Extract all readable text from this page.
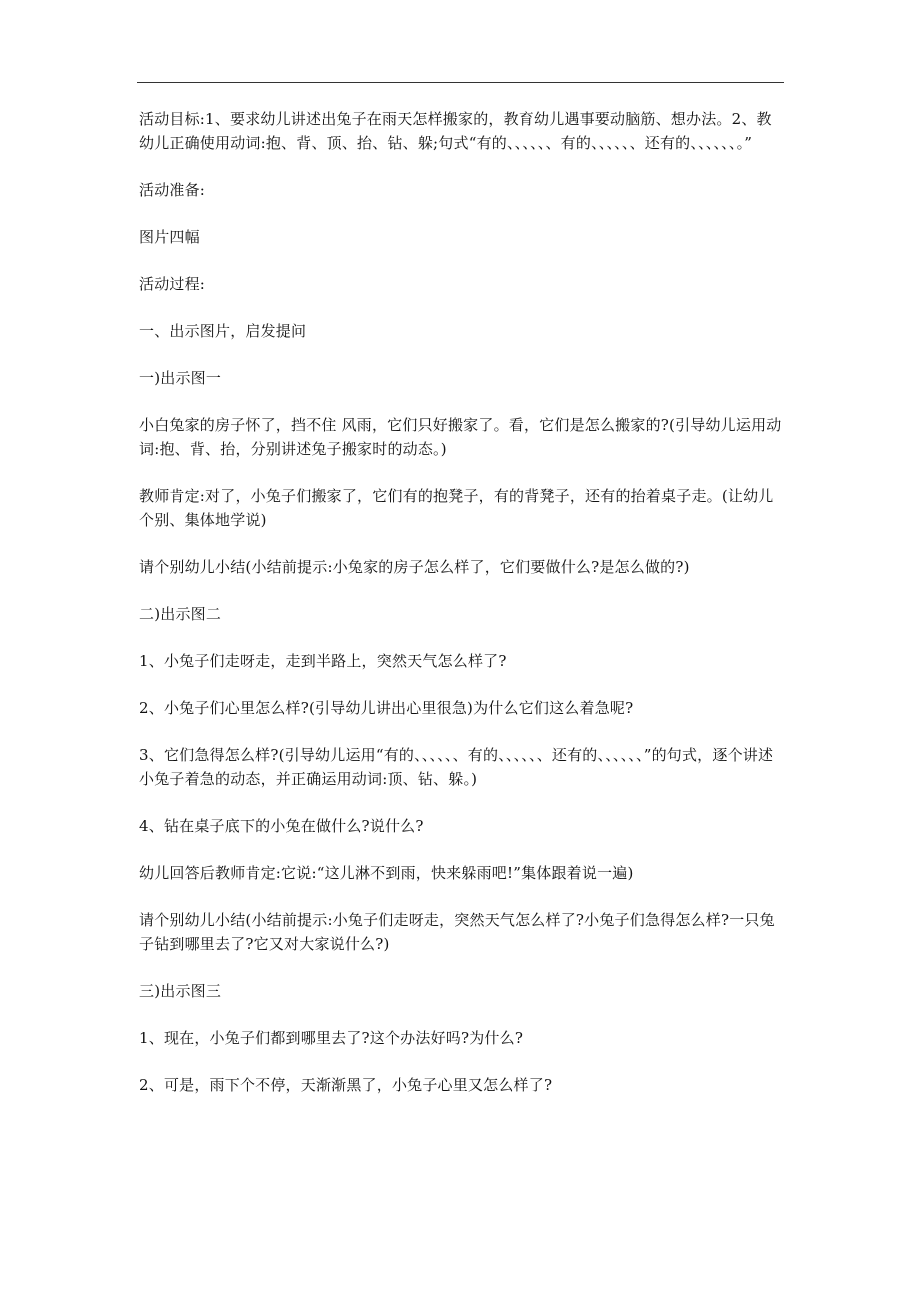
活动目标:1、要求幼儿讲述出兔子在雨天怎样搬家的，教育幼儿遇事要动脑筋、想办法。2、教幼儿正确使用动词:抱、背、顶、抬、钻、躲;句式“有的、、、、、、有的、、、、、、还有的、、、、、、。”

活动准备:

图片四幅

活动过程:

一、出示图片，启发提问

一)出示图一

小白兔家的房子怀了，挡不住 风雨，它们只好搬家了。看，它们是怎么搬家的?(引导幼儿运用动词:抱、背、抬，分别讲述兔子搬家时的动态。)

教师肯定:对了，小兔子们搬家了，它们有的抱凳子，有的背凳子，还有的抬着桌子走。(让幼儿个别、集体地学说)

请个别幼儿小结(小结前提示:小兔家的房子怎么样了，它们要做什么?是怎么做的?)

二)出示图二

1、小兔子们走呀走，走到半路上，突然天气怎么样了?

2、小兔子们心里怎么样?(引导幼儿讲出心里很急)为什么它们这么着急呢?

3、它们急得怎么样?(引导幼儿运用“有的、、、、、、有的、、、、、、还有的、、、、、、”的句式，逐个讲述小兔子着急的动态，并正确运用动词:顶、钻、躲。)

4、钻在桌子底下的小兔在做什么?说什么?

幼儿回答后教师肯定:它说:“这儿淋不到雨，快来躲雨吧!”集体跟着说一遍)

请个别幼儿小结(小结前提示:小兔子们走呀走，突然天气怎么样了?小兔子们急得怎么样?一只兔子钻到哪里去了?它又对大家说什么?)

三)出示图三

1、现在，小兔子们都到哪里去了?这个办法好吗?为什么?

2、可是，雨下个不停，天渐渐黑了，小兔子心里又怎么样了?
